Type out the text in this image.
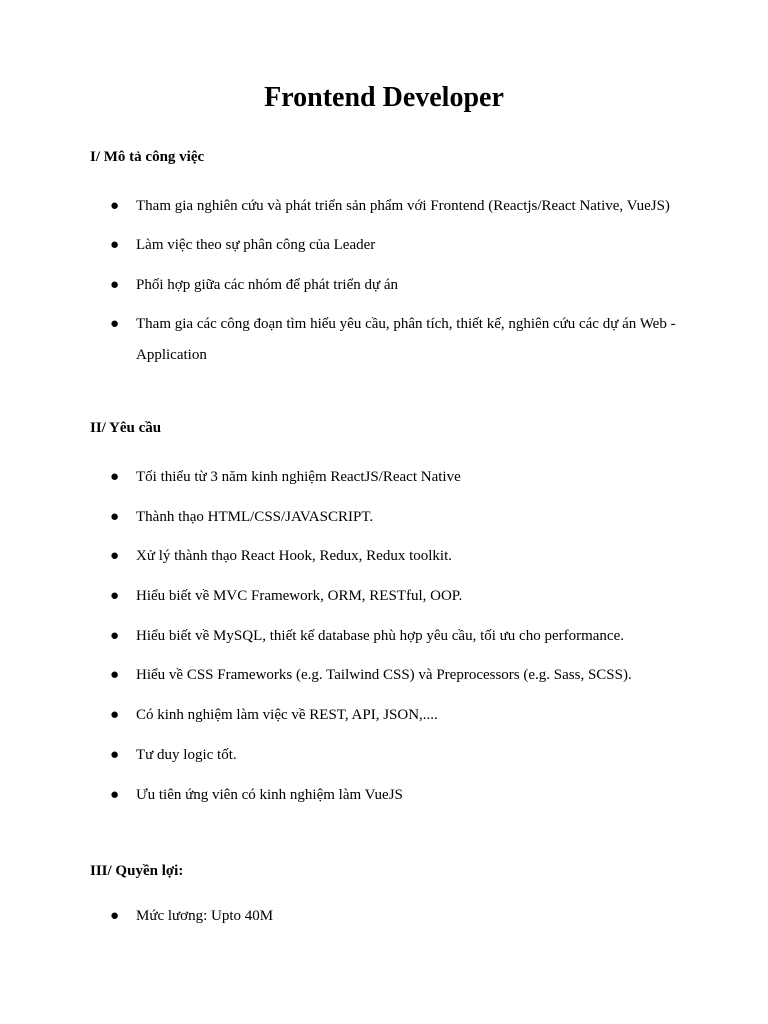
Frontend Developer
I/ Mô tả công việc
●
Tham gia nghiên cứu và phát triển sản phẩm với Frontend (Reactjs/React Native, VueJS)
●
Làm việc theo sự phân công của Leader
●
Phối hợp giữa các nhóm để phát triển dự án
●
Tham gia các công đoạn tìm hiểu yêu cầu, phân tích, thiết kế, nghiên cứu các dự án Web - Application
II/ Yêu cầu
●
Tối thiểu từ 3 năm kinh nghiệm ReactJS/React Native
●
Thành thạo HTML/CSS/JAVASCRIPT.
●
Xử lý thành thạo React Hook, Redux, Redux toolkit.
●
Hiểu biết về MVC Framework, ORM, RESTful, OOP.
●
Hiểu biết về MySQL, thiết kế database phù hợp yêu cầu, tối ưu cho performance.
●
Hiểu về CSS Frameworks (e.g. Tailwind CSS) và Preprocessors (e.g. Sass, SCSS).
●
Có kinh nghiệm làm việc về REST, API, JSON,....
●
Tư duy logic tốt.
●
Ưu tiên ứng viên có kinh nghiệm làm VueJS
III/ Quyền lợi:
●
Mức lương: Upto 40M
